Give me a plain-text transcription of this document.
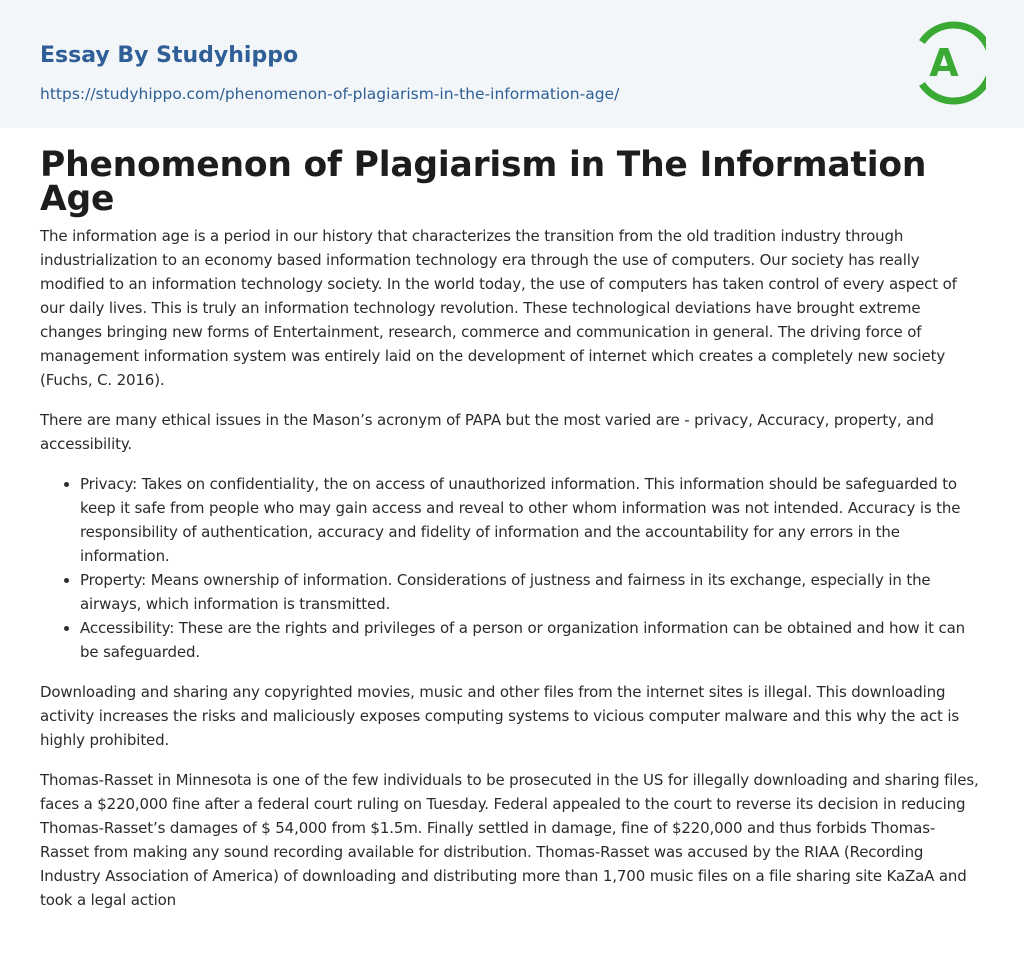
Essay By Studyhippo
https://studyhippo.com/phenomenon-of-plagiarism-in-the-information-age/
A
Phenomenon of Plagiarism in The Information Age

The information age is a period in our history that characterizes the transition from the old tradition industry through industrialization to an economy based information technology era through the use of computers. Our society has really modified to an information technology society. In the world today, the use of computers has taken control of every aspect of our daily lives. This is truly an information technology revolution. These technological deviations have brought extreme changes bringing new forms of Entertainment, research, commerce and communication in general. The driving force of management information system was entirely laid on the development of internet which creates a completely new society (Fuchs, C. 2016).

There are many ethical issues in the Mason’s acronym of PAPA but the most varied are - privacy, Accuracy, property, and accessibility.

• Privacy: Takes on confidentiality, the on access of unauthorized information. This information should be safeguarded to keep it safe from people who may gain access and reveal to other whom information was not intended. Accuracy is the responsibility of authentication, accuracy and fidelity of information and the accountability for any errors in the information.
• Property: Means ownership of information. Considerations of justness and fairness in its exchange, especially in the airways, which information is transmitted.
• Accessibility: These are the rights and privileges of a person or organization information can be obtained and how it can be safeguarded.

Downloading and sharing any copyrighted movies, music and other files from the internet sites is illegal. This downloading activity increases the risks and maliciously exposes computing systems to vicious computer malware and this why the act is highly prohibited.

Thomas-Rasset in Minnesota is one of the few individuals to be prosecuted in the US for illegally downloading and sharing files, faces a $220,000 fine after a federal court ruling on Tuesday. Federal appealed to the court to reverse its decision in reducing Thomas-Rasset’s damages of $ 54,000 from $1.5m. Finally settled in damage, fine of $220,000 and thus forbids Thomas-Rasset from making any sound recording available for distribution. Thomas-Rasset was accused by the RIAA (Recording Industry Association of America) of downloading and distributing more than 1,700 music files on a file sharing site KaZaA and took a legal action
